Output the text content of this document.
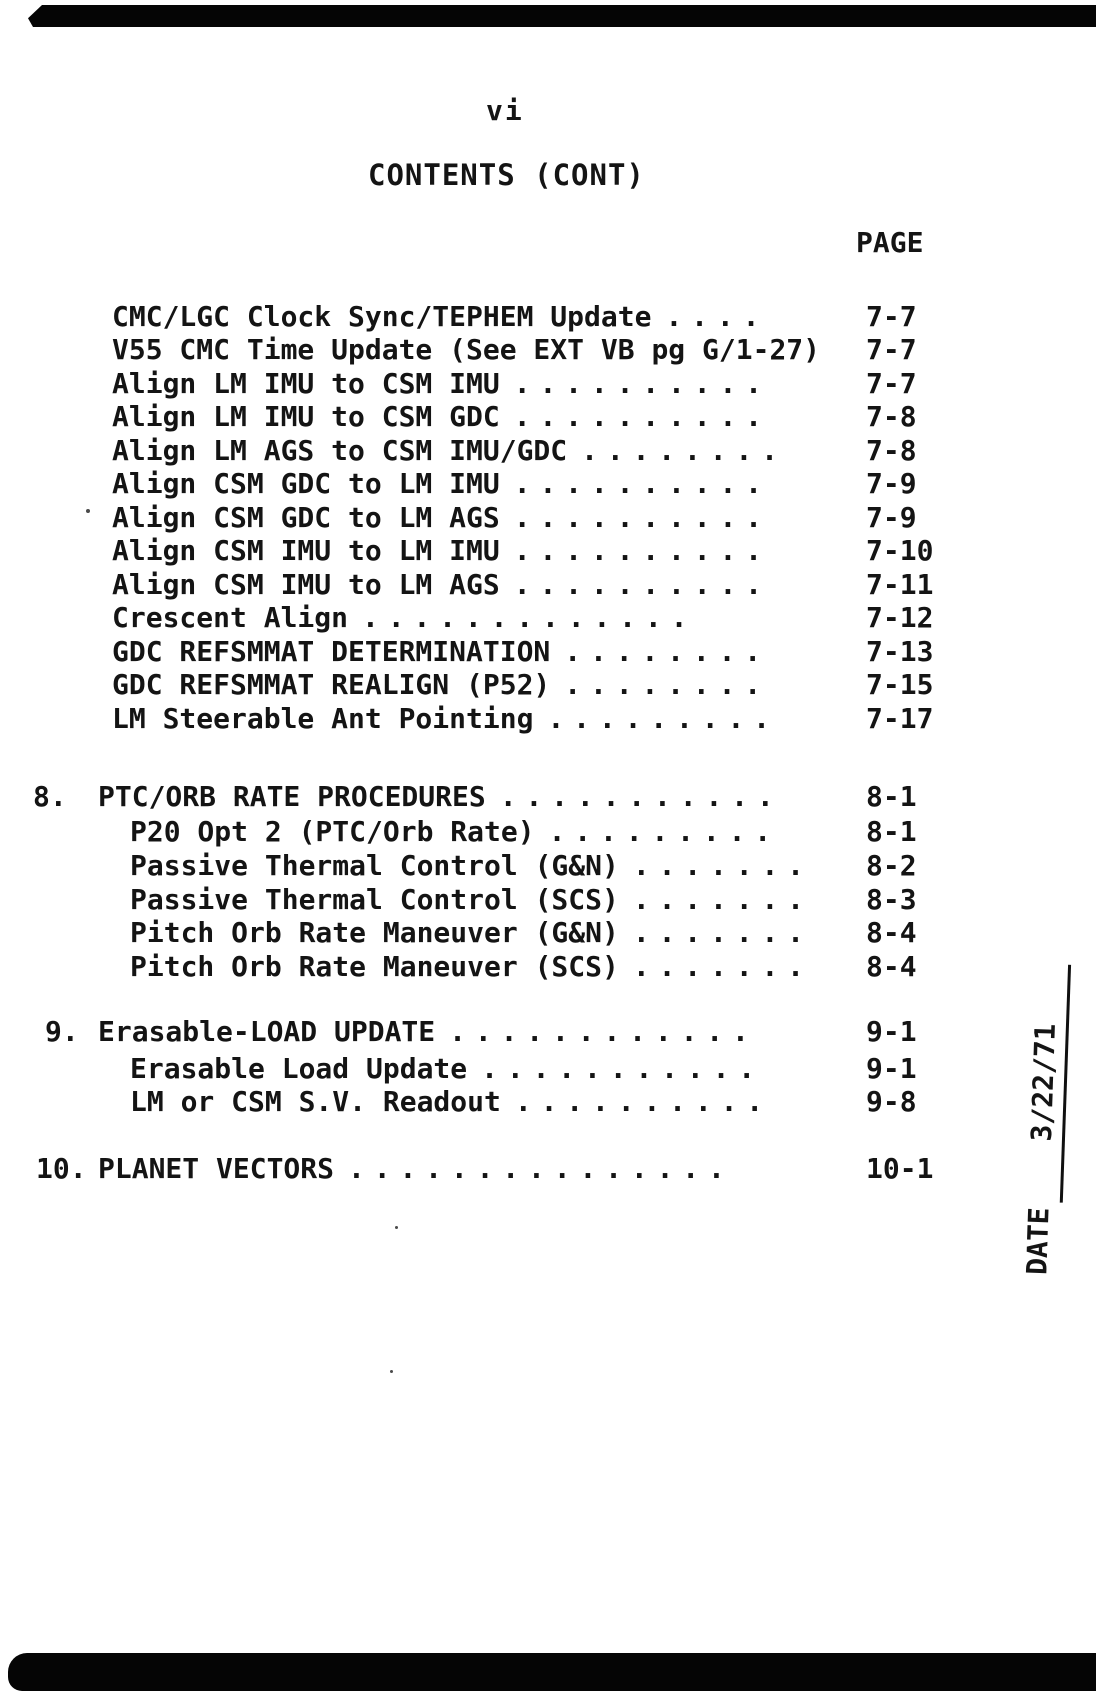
vi
CONTENTS (CONT)
PAGE
CMC/LGC Clock Sync/TEPHEM Update . . . .	7-7
V55 CMC Time Update (See EXT VB pg G/1-27) 7-7
Align LM IMU to CSM IMU . . . . . . . . . .	7-7
Align LM IMU to CSM GDC . . . . . . . . . .	7-8
Align LM AGS to CSM IMU/GDC . . . . . . . .	7-8
Align CSM GDC to LM IMU . . . . . . . . . .	7-9
Align CSM GDC to LM AGS . . . . . . . . . .	7-9
Align CSM IMU to LM IMU . . . . . . . . . .	7-10
Align CSM IMU to LM AGS . . . . . . . . . .	7-11
Crescent Align . . . . . . . . . . . . .	7-12
GDC REFSMMAT DETERMINATION . . . . . . . .	7-13
GDC REFSMMAT REALIGN (P52) . . . . . . . .	7-15
LM Steerable Ant Pointing . . . . . . . . .	7-17
8. PTC/ORB RATE PROCEDURES . . . . . . . . . . .	8-1
P20 Opt 2 (PTC/Orb Rate) . . . . . . . . .	8-1
Passive Thermal Control (G&N) . . . . . . . 8-2
Passive Thermal Control (SCS) . . . . . . . 8-3
Pitch Orb Rate Maneuver (G&N) . . . . . . . 8-4
Pitch Orb Rate Maneuver (SCS) . . . . . . . 8-4
9. Erasable-LOAD UPDATE . . . . . . . . . . . .	9-1
Erasable Load Update . . . . . . . . . . .	9-1
LM or CSM S.V. Readout . . . . . . . . . .	9-8
10. PLANET VECTORS . . . . . . . . . . . . . . .	10-1
DATE3/22/71
